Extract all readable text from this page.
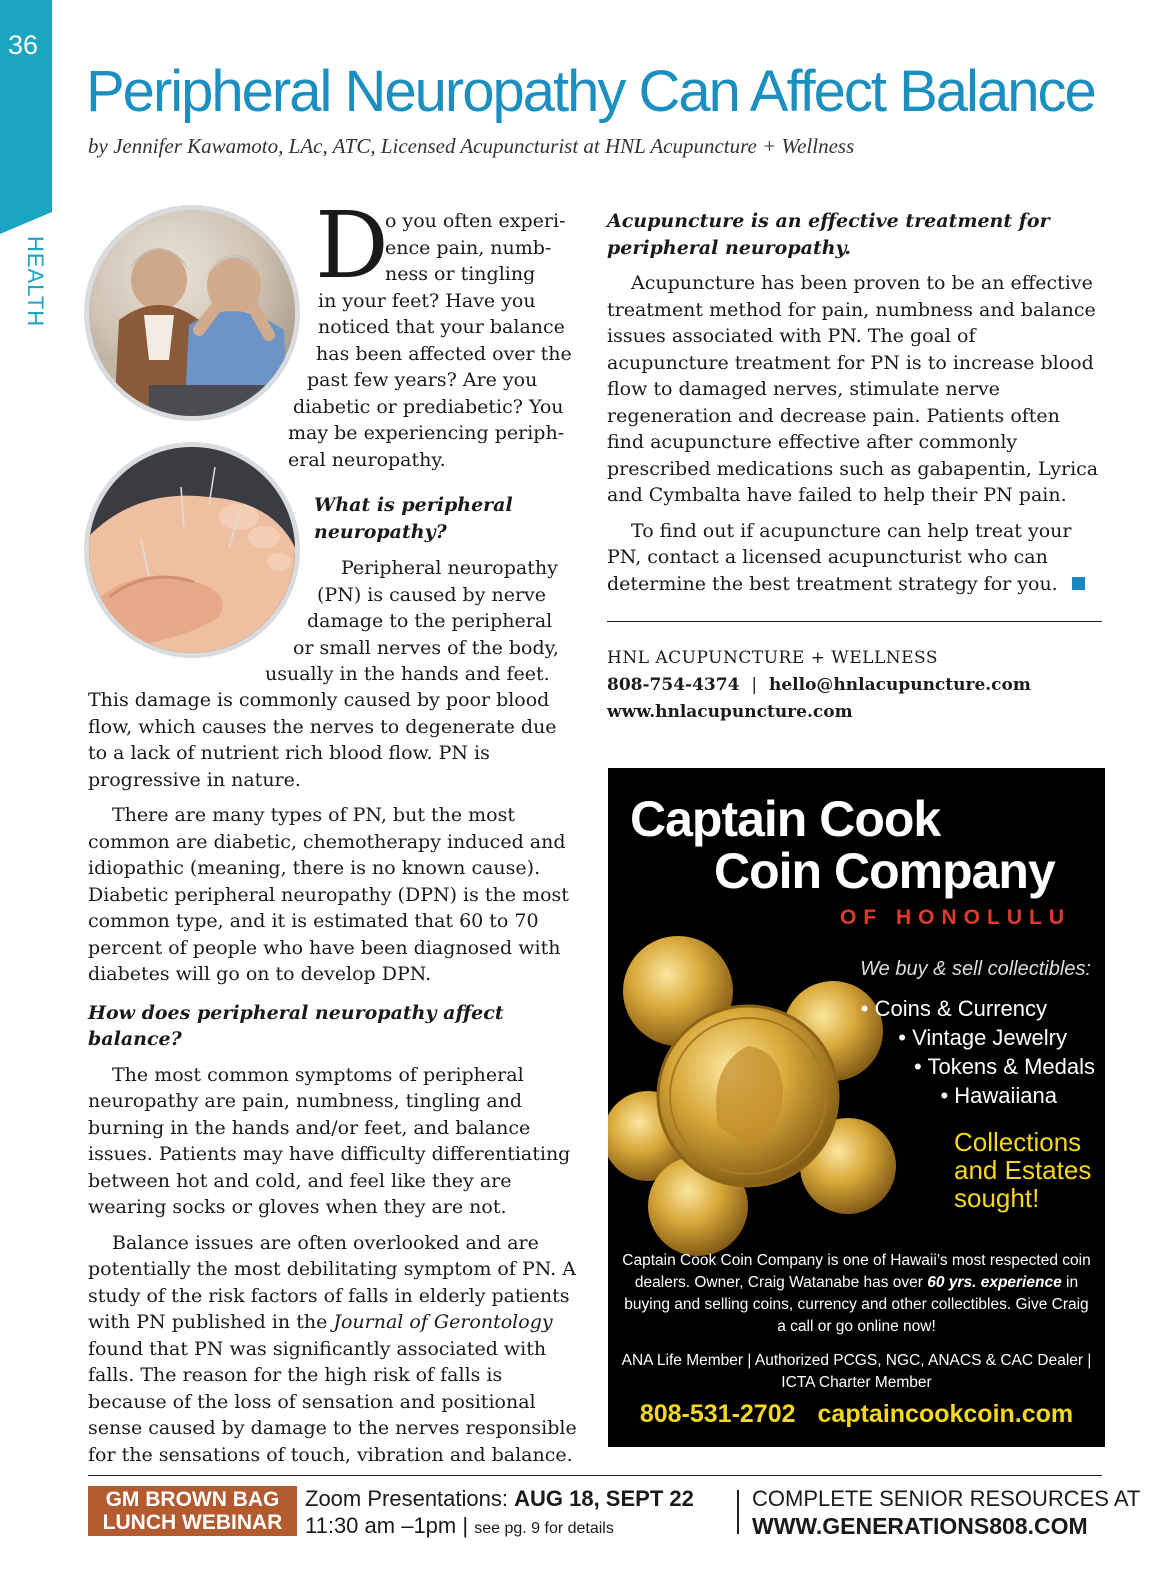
36
HEALTH
Peripheral Neuropathy Can Affect Balance
by Jennifer Kawamoto, LAc, ATC, Licensed Acupuncturist at HNL Acupuncture + Wellness
D
o you often experi-
ence pain, numb-
ness or tingling
in your feet? Have you
noticed that your balance
has been affected over the
past few years? Are you
diabetic or prediabetic? You
may be experiencing periph-
eral neuropathy.
What is peripheral neuropathy?
Peripheral neuropathy
(PN) is caused by nerve
damage to the peripheral
or small nerves of the body,
usually in the hands and feet.

This damage is commonly caused by poor blood flow, which causes the nerves to degenerate due to a lack of nutrient rich blood flow. PN is progressive in nature.

There are many types of PN, but the most common are diabetic, chemotherapy induced and idiopathic (meaning, there is no known cause). Diabetic peripheral neuropathy (DPN) is the most common type, and it is estimated that 60 to 70 percent of people who have been diagnosed with diabetes will go on to develop DPN.

How does peripheral neuropathy affect balance?

The most common symptoms of peripheral neuropathy are pain, numbness, tingling and burning in the hands and/or feet, and balance issues. Patients may have difficulty differentiating between hot and cold, and feel like they are wearing socks or gloves when they are not.

Balance issues are often overlooked and are potentially the most debilitating symptom of PN. A study of the risk factors of falls in elderly patients with PN published in the Journal of Gerontology found that PN was significantly associated with falls. The reason for the high risk of falls is because of the loss of sensation and positional sense caused by damage to the nerves responsible for the sensations of touch, vibration and balance.

Acupuncture is an effective treatment for peripheral neuropathy.

Acupuncture has been proven to be an effective treatment method for pain, numbness and balance issues associated with PN. The goal of acupuncture treatment for PN is to increase blood flow to damaged nerves, stimulate nerve regeneration and decrease pain. Patients often find acupuncture effective after commonly prescribed medications such as gabapentin, Lyrica and Cymbalta have failed to help their PN pain.

To find out if acupuncture can help treat your PN, contact a licensed acupuncturist who can determine the best treatment strategy for you.

HNL ACUPUNCTURE + WELLNESS
808-754-4374 | hello@hnlacupuncture.com
www.hnlacupuncture.com
Captain Cook
Coin Company
OF HONOLULU
We buy & sell collectibles:
• Coins & Currency
• Vintage Jewelry
• Tokens & Medals
• Hawaiiana
Collections
and Estates
sought!
Captain Cook Coin Company is one of Hawaii’s most respected coin dealers. Owner, Craig Watanabe has over 60 yrs. experience in buying and selling coins, currency and other collectibles. Give Craig a call or go online now!
ANA Life Member | Authorized PCGS, NGC, ANACS & CAC Dealer | ICTA Charter Member
808-531-2702 captaincookcoin.com
GM BROWN BAG
LUNCH WEBINAR
Zoom Presentations: AUG 18, SEPT 22
11:30 am –1pm | see pg. 9 for details
COMPLETE SENIOR RESOURCES AT
WWW.GENERATIONS808.COM
